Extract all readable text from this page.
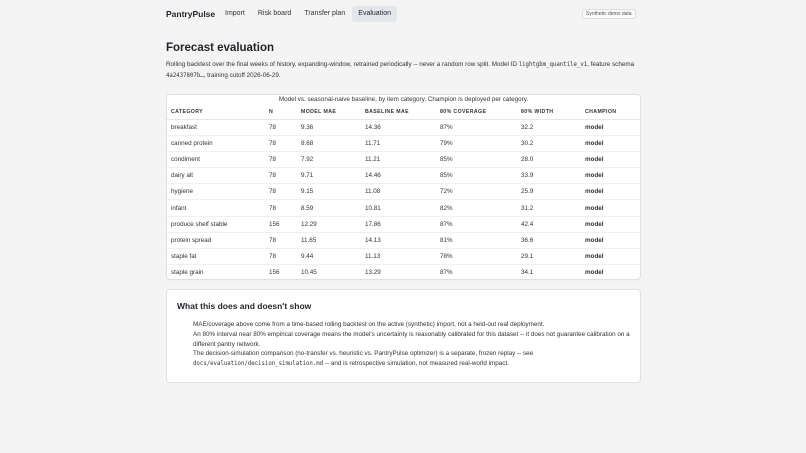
PantryPulse	Import	Risk board	Transfer plan	Evaluation	Synthetic demo data
Forecast evaluation
Rolling backtest over the final weeks of history, expanding-window, retrained periodically -- never a random row split. Model ID lightgbm_quantile_v1, feature schema 4a24378​07b…, training cutoff 2026-06-29.
Model vs. seasonal-naive baseline, by item category. Champion is deployed per category.
CATEGORY	N	MODEL MAE	BASELINE MAE	80% COVERAGE	80% WIDTH	CHAMPION
breakfast	78	9.36	14.36	87%	32.2	model
canned protein	78	8.68	11.71	79%	30.2	model
condiment	78	7.92	11.21	85%	28.0	model
dairy alt	78	9.71	14.46	85%	33.9	model
hygiene	78	9.15	11.08	72%	25.9	model
infant	78	8.59	10.81	82%	31.2	model
produce shelf stable	156	12.29	17.86	87%	42.4	model
protein spread	78	11.65	14.13	81%	36.6	model
staple fat	78	9.44	11.13	78%	29.1	model
staple grain	156	10.45	13.29	87%	34.1	model
What this does and doesn't show
MAE/coverage above come from a time-based rolling backtest on the active (synthetic) import, not a held-out real deployment.
An 80% interval near 80% empirical coverage means the model's uncertainty is reasonably calibrated for this dataset -- it does not guarantee calibration on a different pantry network.
The decision-simulation comparison (no-transfer vs. heuristic vs. PantryPulse optimizer) is a separate, frozen replay -- see docs/evaluation/decision_simulation.md -- and is retrospective simulation, not measured real-world impact.
